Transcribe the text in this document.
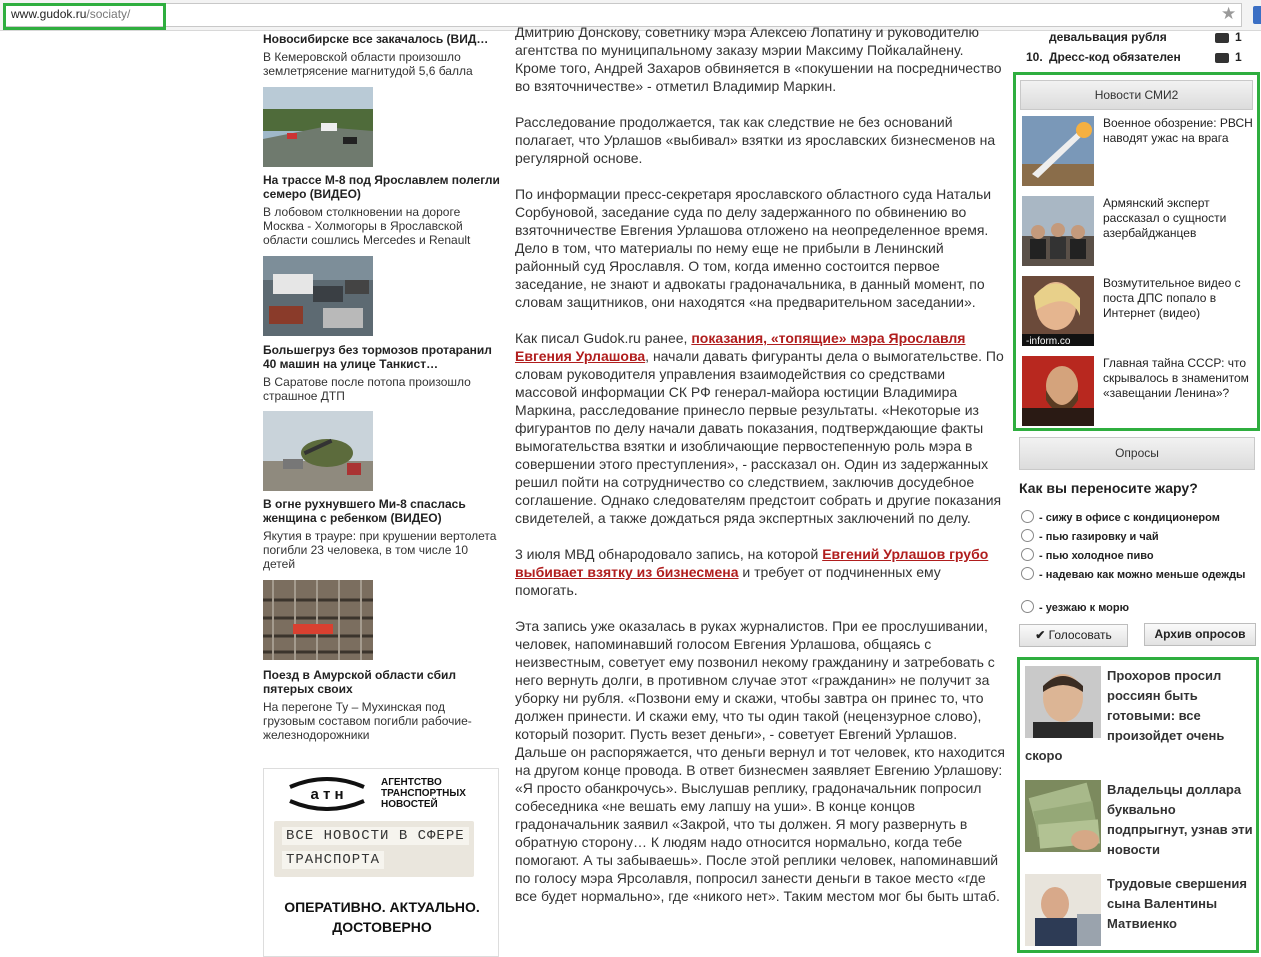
www.gudok.ru/sociaty/	★
Новосибирске все закачалось (ВИД…
В Кемеровской области произошло землетрясение магнитудой 5,6 балла
На трассе М-8 под Ярославлем полегли семеро (ВИДЕО)
В лобовом столкновении на дороге Москва - Холмогоры в Ярославской области сошлись Mercedes и Renault
Большегруз без тормозов протаранил 40 машин на улице Танкист…
В Саратове после потопа произошло страшное ДТП
В огне рухнувшего Ми-8 спаслась женщина с ребенком (ВИДЕО)
Якутия в трауре: при крушении вертолета погибли 23 человека, в том числе 10 детей
Поезд в Амурской области сбил пятерых своих
На перегоне Ту – Мухинская под грузовым составом погибли рабочие-железнодорожники
а т н
АГЕНТСТВО
ТРАНСПОРТНЫХ
НОВОСТЕЙ
ВСЕ НОВОСТИ В СФЕРЕ
ТРАНСПОРТА
ОПЕРАТИВНО. АКТУАЛЬНО.
ДОСТОВЕРНО

Дмитрию Донскову, советнику мэра Алексею Лопатину и руководителю агентства по муниципальному заказу мэрии Максиму Пойкалайнену. Кроме того, Андрей Захаров обвиняется в «покушении на посредничество во взяточничестве» - отметил Владимир Маркин.

Расследование продолжается, так как следствие не без оснований полагает, что Урлашов «выбивал» взятки из ярославских бизнесменов на регулярной основе.

По информации пресс-секретаря ярославского областного суда Натальи Сорбуновой, заседание суда по делу задержанного по обвинению во взяточничестве Евгения Урлашова отложено на неопределенное время. Дело в том, что материалы по нему еще не прибыли в Ленинский районный суд Ярославля. О том, когда именно состоится первое заседание, не знают и адвокаты градоначальника, в данный момент, по словам защитников, они находятся «на предварительном заседании».

Как писал Gudok.ru ранее, показания, «топящие» мэра Ярославля Евгения Урлашова, начали давать фигуранты дела о вымогательстве. По словам руководителя управления взаимодействия со средствами массовой информации СК РФ генерал-майора юстиции Владимира Маркина, расследование принесло первые результаты. «Некоторые из фигурантов по делу начали давать показания, подтверждающие факты вымогательства взятки и изобличающие первостепенную роль мэра в совершении этого преступления», - рассказал он. Один из задержанных решил пойти на сотрудничество со следствием, заключив досудебное соглашение. Однако следователям предстоит собрать и другие показания свидетелей, а также дождаться ряда экспертных заключений по делу.

3 июля МВД обнародовало запись, на которой Евгений Урлашов грубо выбивает взятку из бизнесмена и требует от подчиненных ему помогать.

Эта запись уже оказалась в руках журналистов. При ее прослушивании, человек, напоминавший голосом Евгения Урлашова, общаясь с неизвестным, советует ему позвонил некому гражданину и затребовать с него вернуть долги, в противном случае этот «гражданин» не получит за уборку ни рубля. «Позвони ему и скажи, чтобы завтра он принес то, что должен принести. И скажи ему, что ты один такой (нецензурное слово), который позорит. Пусть везет деньги», - советует Евгений Урлашов. Дальше он распоряжается, что деньги вернул и тот человек, кто находится на другом конце провода. В ответ бизнесмен заявляет Евгению Урлашову: «Я просто обанкрочусь». Выслушав реплику, градоначальник попросил собеседника «не вешать ему лапшу на уши». В конце концов градоначальник заявил «Закрой, что ты должен. Я могу развернуть в обратную сторону… К людям надо относится нормально, когда тебе помогают. А ты забываешь». После этой реплики человек, напоминавший по голосу мэра Ярсолавля, попросил занести деньги в такое место «где все будет нормально», где «никого нет». Таким местом мог бы быть штаб.

девальвация рубля	1
10. Дресс-код обязателен	1
Новости СМИ2
Военное обозрение: РВСН наводят ужас на врага
Армянский эксперт рассказал о сущности азербайджанцев
-inform.co
Возмутительное видео с поста ДПС попало в Интернет (видео)
Главная тайна СССР: что скрывалось в знаменитом «завещании Ленина»?
Опросы
Как вы переносите жару?
- сижу в офисе с кондиционером
- пью газировку и чай
- пью холодное пиво
- надеваю как можно меньше одежды
- уезжаю к морю
✔ Голосовать	Архив опросов
Прохоров просил россиян быть готовыми: все произойдет очень скоро
Владельцы доллара буквально подпрыгнут, узнав эти новости
Трудовые свершения сына Валентины Матвиенко
